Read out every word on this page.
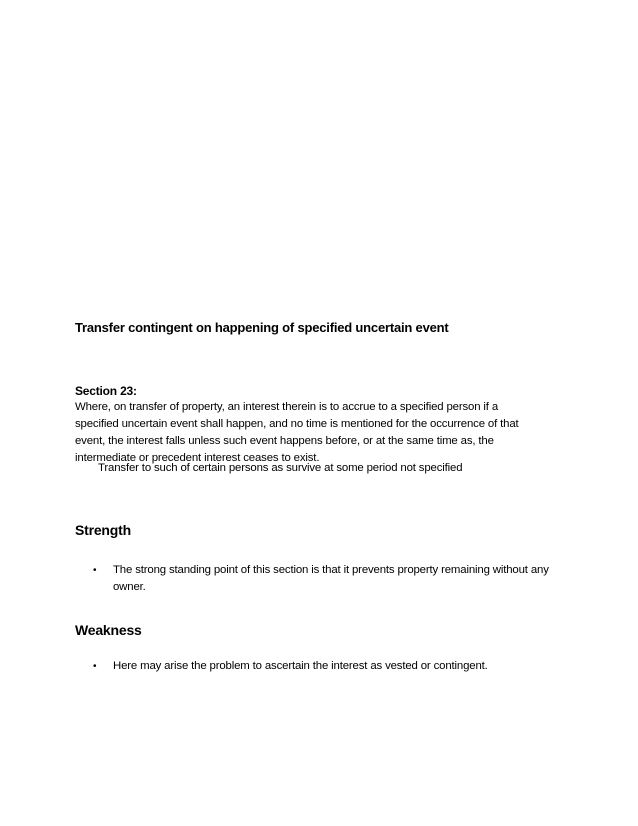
Transfer contingent on happening of specified uncertain event
Section 23:
Where, on transfer of property, an interest therein is to accrue to a specified person if a
specified uncertain event shall happen, and no time is mentioned for the occurrence of that
event, the interest falls unless such event happens before, or at the same time as, the
intermediate or precedent interest ceases to exist.
Transfer to such of certain persons as survive at some period not specified
Strength
•	The strong standing point of this section is that it prevents property remaining without any owner.
Weakness
•	Here may arise the problem to ascertain the interest as vested or contingent.
